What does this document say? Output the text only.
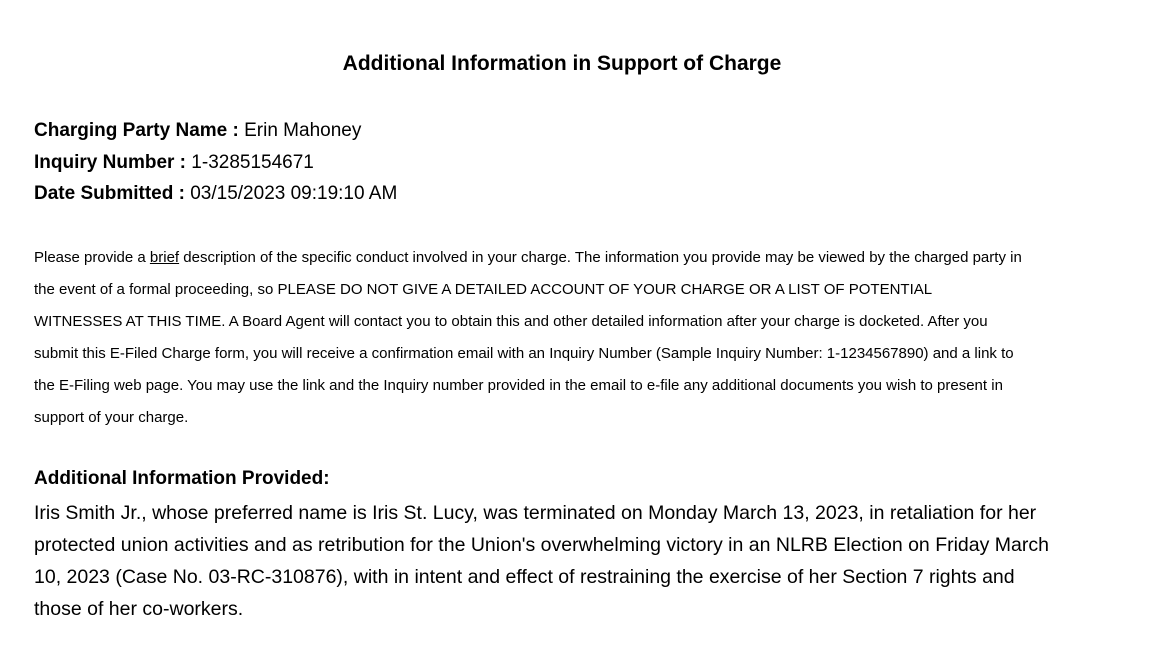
Additional Information in Support of Charge
Charging Party Name : Erin Mahoney
Inquiry Number : 1-3285154671
Date Submitted : 03/15/2023 09:19:10 AM
Please provide a brief description of the specific conduct involved in your charge. The information you provide may be viewed by the charged party in
the event of a formal proceeding, so PLEASE DO NOT GIVE A DETAILED ACCOUNT OF YOUR CHARGE OR A LIST OF POTENTIAL
WITNESSES AT THIS TIME. A Board Agent will contact you to obtain this and other detailed information after your charge is docketed. After you
submit this E-Filed Charge form, you will receive a confirmation email with an Inquiry Number (Sample Inquiry Number: 1-1234567890) and a link to
the E-Filing web page. You may use the link and the Inquiry number provided in the email to e-file any additional documents you wish to present in
support of your charge.
Additional Information Provided:
Iris Smith Jr., whose preferred name is Iris St. Lucy, was terminated on Monday March 13, 2023, in retaliation for her
protected union activities and as retribution for the Union's overwhelming victory in an NLRB Election on Friday March
10, 2023 (Case No. 03-RC-310876), with in intent and effect of restraining the exercise of her Section 7 rights and
those of her co-workers.
